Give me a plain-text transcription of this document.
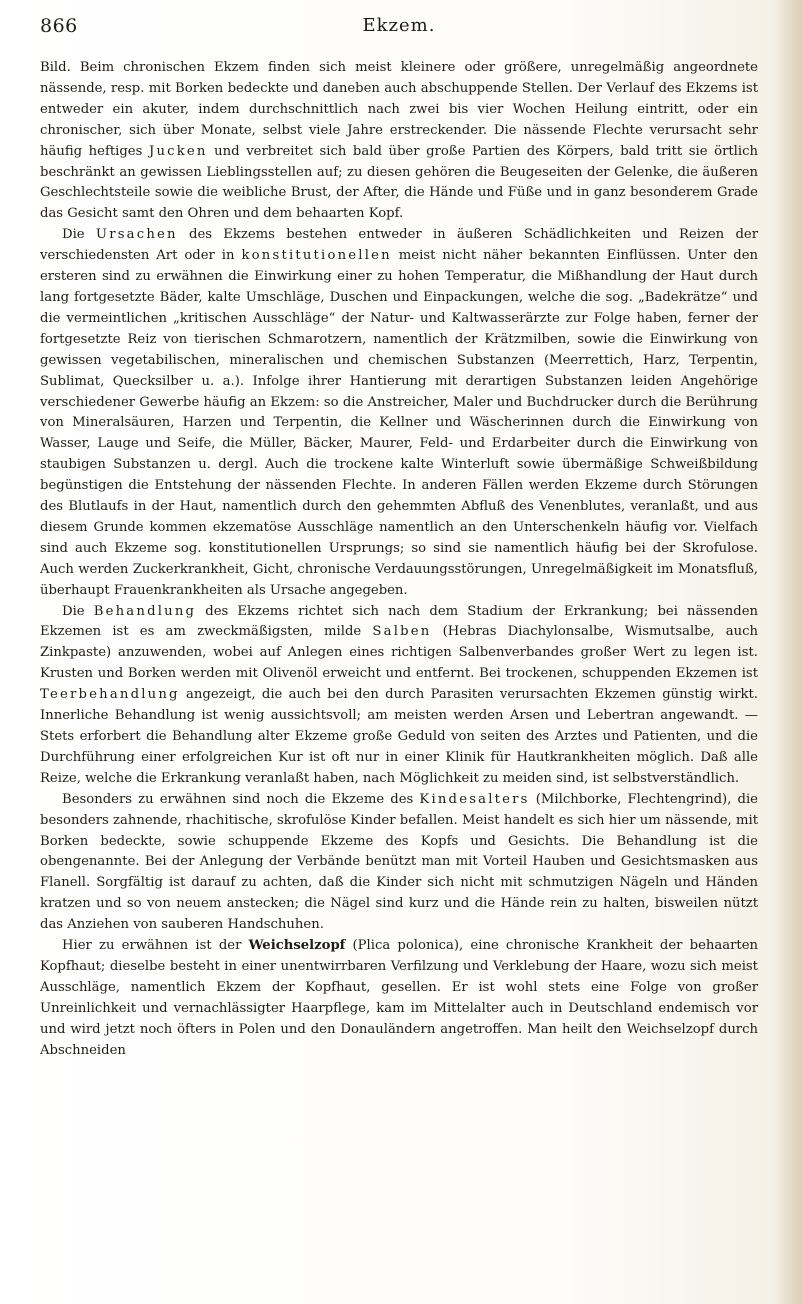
866	Ekzem.

Bild. Beim chronischen Ekzem finden sich meist kleinere oder größere, unregelmäßig angeordnete nässende, resp. mit Borken bedeckte und daneben auch abschuppende Stellen. Der Verlauf des Ekzems ist entweder ein akuter, indem durchschnittlich nach zwei bis vier Wochen Heilung eintritt, oder ein chronischer, sich über Monate, selbst viele Jahre erstreckender. Die nässende Flechte verursacht sehr häufig heftiges Jucken und verbreitet sich bald über große Partien des Körpers, bald tritt sie örtlich beschränkt an gewissen Lieblingsstellen auf; zu diesen gehören die Beugeseiten der Gelenke, die äußeren Geschlechtsteile sowie die weibliche Brust, der After, die Hände und Füße und in ganz besonderem Grade das Gesicht samt den Ohren und dem behaarten Kopf.

Die Ursachen des Ekzems bestehen entweder in äußeren Schädlichkeiten und Reizen der verschiedensten Art oder in konstitutionellen meist nicht näher bekannten Einflüssen. Unter den ersteren sind zu erwähnen die Einwirkung einer zu hohen Temperatur, die Mißhandlung der Haut durch lang fortgesetzte Bäder, kalte Umschläge, Duschen und Einpackungen, welche die sog. „Badekrätze“ und die vermeintlichen „kritischen Ausschläge“ der Natur- und Kaltwasserärzte zur Folge haben, ferner der fortgesetzte Reiz von tierischen Schmarotzern, namentlich der Krätzmilben, sowie die Einwirkung von gewissen vegetabilischen, mineralischen und chemischen Substanzen (Meerrettich, Harz, Terpentin, Sublimat, Quecksilber u. a.). Infolge ihrer Hantierung mit derartigen Substanzen leiden Angehörige verschiedener Gewerbe häufig an Ekzem: so die Anstreicher, Maler und Buchdrucker durch die Berührung von Mineralsäuren, Harzen und Terpentin, die Kellner und Wäscherinnen durch die Einwirkung von Wasser, Lauge und Seife, die Müller, Bäcker, Maurer, Feld- und Erdarbeiter durch die Einwirkung von staubigen Substanzen u. dergl. Auch die trockene kalte Winterluft sowie übermäßige Schweißbildung begünstigen die Entstehung der nässenden Flechte. In anderen Fällen werden Ekzeme durch Störungen des Blutlaufs in der Haut, namentlich durch den gehemmten Abfluß des Venenblutes, veranlaßt, und aus diesem Grunde kommen ekzematöse Ausschläge namentlich an den Unterschenkeln häufig vor. Vielfach sind auch Ekzeme sog. konstitutionellen Ursprungs; so sind sie namentlich häufig bei der Skrofulose. Auch werden Zuckerkrankheit, Gicht, chronische Verdauungsstörungen, Unregelmäßigkeit im Monatsfluß, überhaupt Frauenkrankheiten als Ursache angegeben.

Die Behandlung des Ekzems richtet sich nach dem Stadium der Erkrankung; bei nässenden Ekzemen ist es am zweckmäßigsten, milde Salben (Hebras Diachylonsalbe, Wismutsalbe, auch Zinkpaste) anzuwenden, wobei auf Anlegen eines richtigen Salbenverbandes großer Wert zu legen ist. Krusten und Borken werden mit Olivenöl erweicht und entfernt. Bei trockenen, schuppenden Ekzemen ist Teerbehandlung angezeigt, die auch bei den durch Parasiten verursachten Ekzemen günstig wirkt. Innerliche Behandlung ist wenig aussichtsvoll; am meisten werden Arsen und Lebertran angewandt. — Stets erforbert die Behandlung alter Ekzeme große Geduld von seiten des Arztes und Patienten, und die Durchführung einer erfolgreichen Kur ist oft nur in einer Klinik für Hautkrankheiten möglich. Daß alle Reize, welche die Erkrankung veranlaßt haben, nach Möglichkeit zu meiden sind, ist selbstverständlich.

Besonders zu erwähnen sind noch die Ekzeme des Kindesalters (Milchborke, Flechtengrind), die besonders zahnende, rhachitische, skrofulöse Kinder befallen. Meist handelt es sich hier um nässende, mit Borken bedeckte, sowie schuppende Ekzeme des Kopfs und Gesichts. Die Behandlung ist die obengenannte. Bei der Anlegung der Verbände benützt man mit Vorteil Hauben und Gesichtsmasken aus Flanell. Sorgfältig ist darauf zu achten, daß die Kinder sich nicht mit schmutzigen Nägeln und Händen kratzen und so von neuem anstecken; die Nägel sind kurz und die Hände rein zu halten, bisweilen nützt das Anziehen von sauberen Handschuhen.

Hier zu erwähnen ist der Weichselzopf (Plica polonica), eine chronische Krankheit der behaarten Kopfhaut; dieselbe besteht in einer unentwirrbaren Verfilzung und Verklebung der Haare, wozu sich meist Ausschläge, namentlich Ekzem der Kopfhaut, gesellen. Er ist wohl stets eine Folge von großer Unreinlichkeit und vernachlässigter Haarpflege, kam im Mittelalter auch in Deutschland endemisch vor und wird jetzt noch öfters in Polen und den Donauländern angetroffen. Man heilt den Weichselzopf durch Abschneiden
